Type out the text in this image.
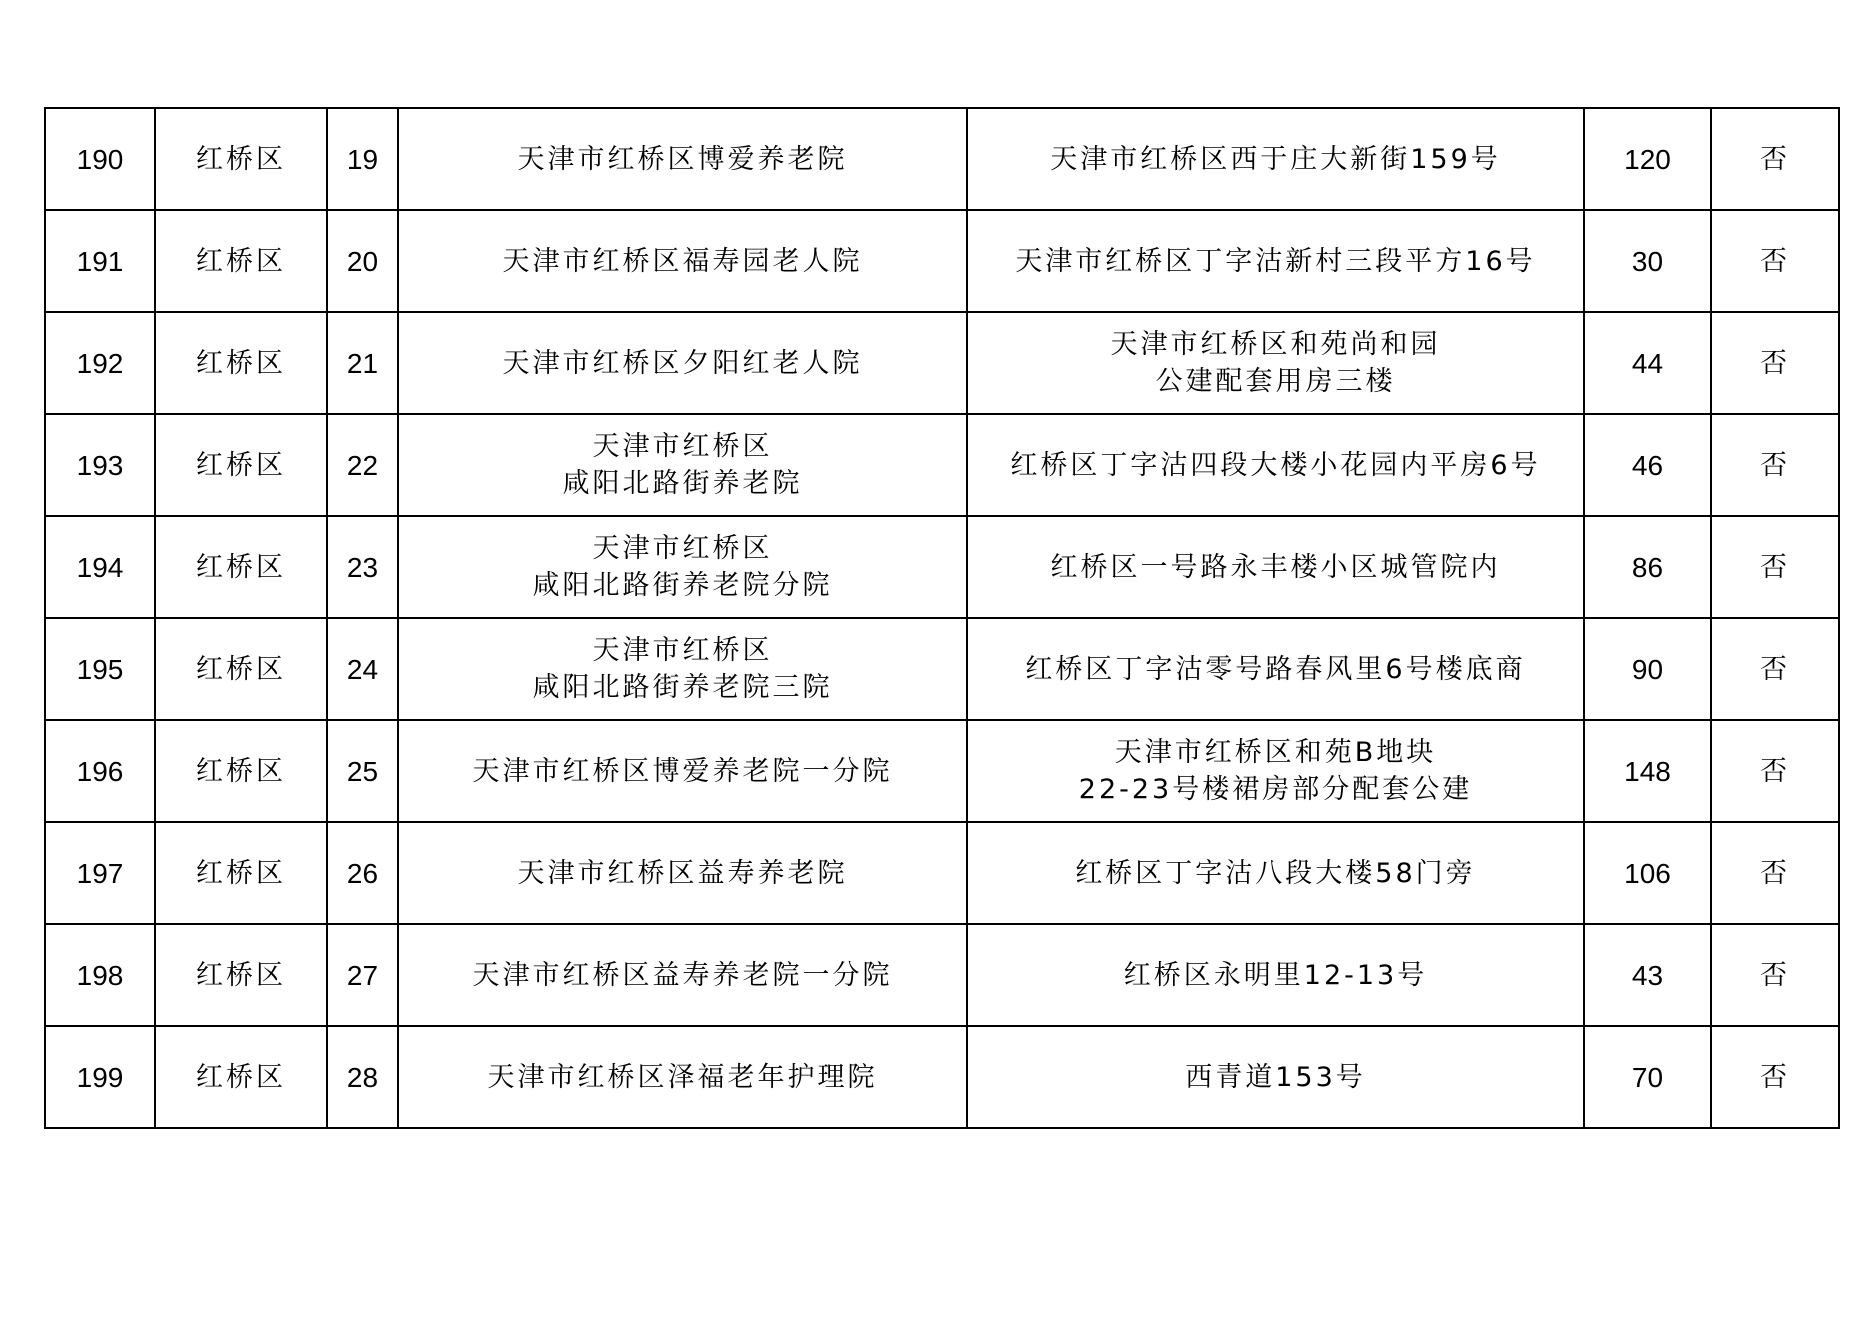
190	红桥区	19	天津市红桥区博爱养老院	天津市红桥区西于庄大新街159号	120	否
191	红桥区	20	天津市红桥区福寿园老人院	天津市红桥区丁字沽新村三段平方16号	30	否
192	红桥区	21	天津市红桥区夕阳红老人院	天津市红桥区和苑尚和园
公建配套用房三楼	44	否
193	红桥区	22	天津市红桥区
咸阳北路街养老院	红桥区丁字沽四段大楼小花园内平房6号	46	否
194	红桥区	23	天津市红桥区
咸阳北路街养老院分院	红桥区一号路永丰楼小区城管院内	86	否
195	红桥区	24	天津市红桥区
咸阳北路街养老院三院	红桥区丁字沽零号路春风里6号楼底商	90	否
196	红桥区	25	天津市红桥区博爱养老院一分院	天津市红桥区和苑B地块
22-23号楼裙房部分配套公建	148	否
197	红桥区	26	天津市红桥区益寿养老院	红桥区丁字沽八段大楼58门旁	106	否
198	红桥区	27	天津市红桥区益寿养老院一分院	红桥区永明里12-13号	43	否
199	红桥区	28	天津市红桥区泽福老年护理院	西青道153号	70	否
